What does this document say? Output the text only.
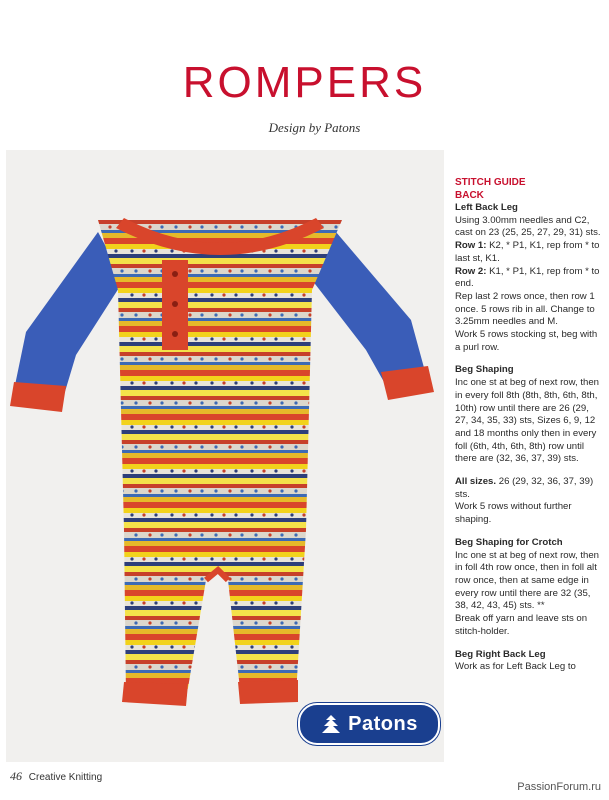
ROMPERS
Design by Patons
Patons
STITCH GUIDE
BACK

Left Back Leg

Using 3.00mm needles and C2, cast on 23 (25, 25, 27, 29, 31) sts.

Row 1: K2, * P1, K1, rep from * to last st, K1.

Row 2: K1, * P1, K1, rep from * to end.

Rep last 2 rows once, then row 1 once. 5 rows rib in all. Change to 3.25mm needles and M.

Work 5 rows stocking st, beg with a purl row.

Beg Shaping

Inc one st at beg of next row, then in every foll 8th (8th, 8th, 6th, 8th, 10th) row until there are 26 (29, 27, 34, 35, 33) sts, Sizes 6, 9, 12 and 18 months only then in every foll (6th, 4th, 6th, 8th) row until there are (32, 36, 37, 39) sts.

All sizes. 26 (29, 32, 36, 37, 39) sts.

Work 5 rows without further shaping.

Beg Shaping for Crotch

Inc one st at beg of next row, then in foll 4th row once, then in foll alt row once, then at same edge in every row until there are 32 (35, 38, 42, 43, 45) sts. **

Break off yarn and leave sts on stitch-holder.

Beg Right Back Leg

Work as for Left Back Leg to

46 Creative Knitting
PassionForum.ru
